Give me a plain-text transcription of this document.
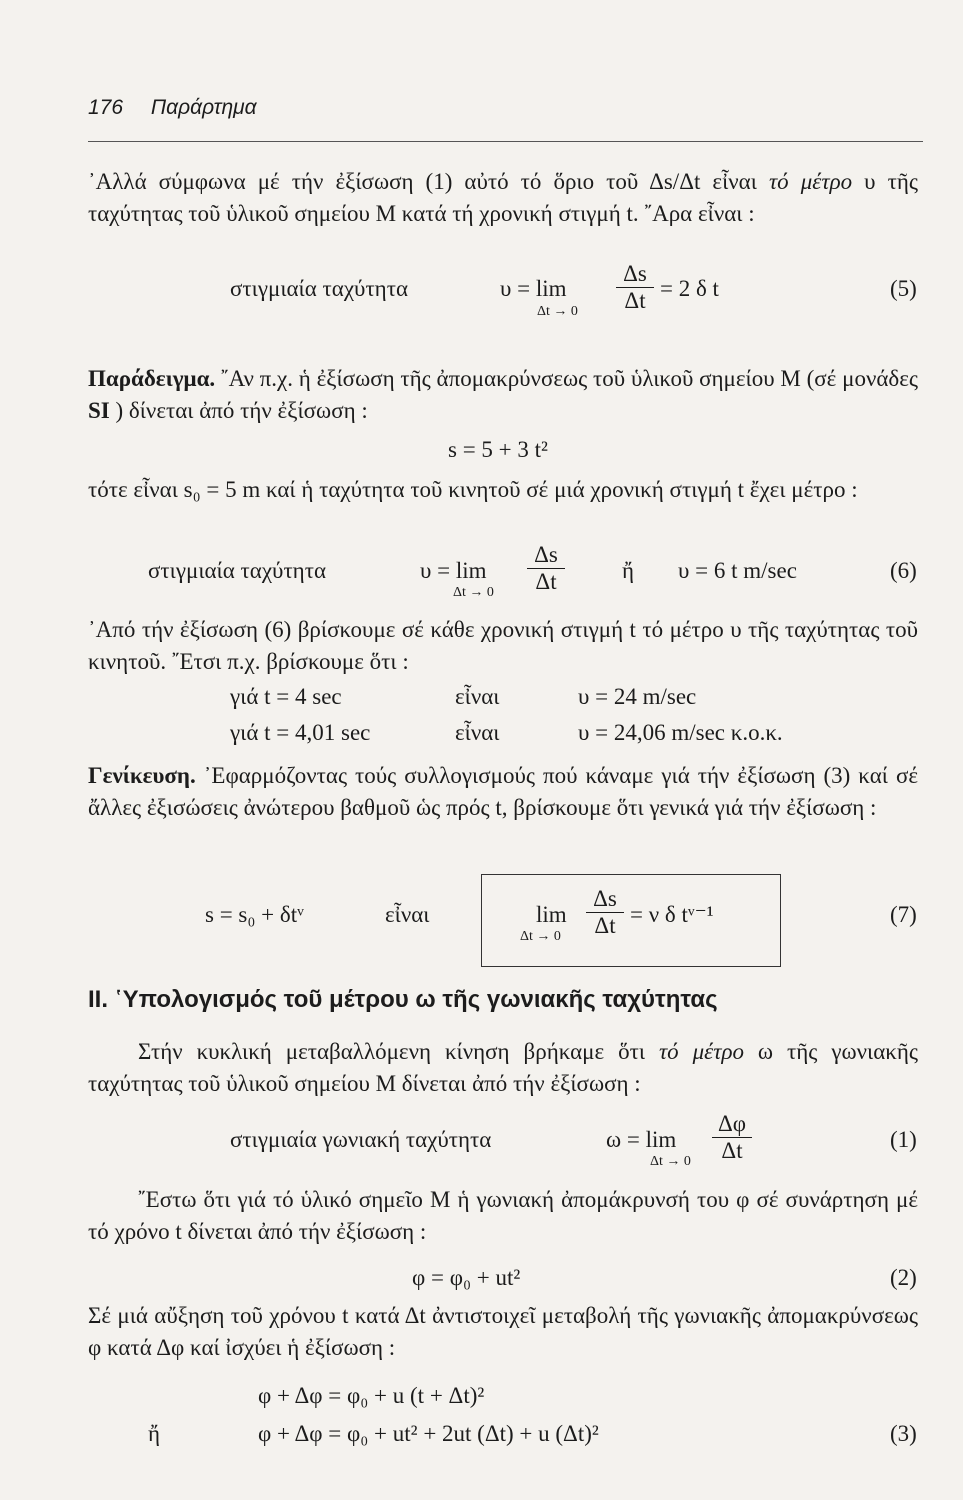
176 Παράρτημα
᾿Αλλά σύμφωνα μέ τήν ἐξίσωση (1) αὐτό τό ὅριο τοῦ Δs/Δt εἶναι τό μέτρο υ τῆς ταχύτητας τοῦ ὑλικοῦ σημείου Μ κατά τή χρονική στιγμή t. ῎Αρα εἶναι :
στιγμιαία ταχύτητα	υ = lim
Δt → 0
Δs
Δt = 2 δ t	(5)
Παράδειγμα. ῎Αν π.χ. ἡ ἐξίσωση τῆς ἀπομακρύνσεως τοῦ ὑλικοῦ σημείου Μ (σέ μονάδες SI ) δίνεται ἀπό τήν ἐξίσωση :
s = 5 + 3 t²
τότε εἶναι s₀ = 5 m καί ἡ ταχύτητα τοῦ κινητοῦ σέ μιά χρονική στιγμή t ἔχει μέτρο :
στιγμιαία ταχύτητα	υ = lim
Δt → 0
Δs
Δt	ἤ υ = 6 t m/sec	(6)
᾿Από τήν ἐξίσωση (6) βρίσκουμε σέ κάθε χρονική στιγμή t τό μέτρο υ τῆς ταχύτητας τοῦ κινητοῦ. ῎Ετσι π.χ. βρίσκουμε ὅτι :
γιά t = 4 sec	εἶναι	υ = 24 m/sec
γιά t = 4,01 sec	εἶναι	υ = 24,06 m/sec κ.ο.κ.
Γενίκευση. ᾿Εφαρμόζοντας τούς συλλογισμούς πού κάναμε γιά τήν ἐξίσωση (3) καί σέ ἄλλες ἐξισώσεις ἀνώτερου βαθμοῦ ὡς πρός t, βρίσκουμε ὅτι γενικά γιά τήν ἐξίσωση :
s = s₀ + δtᵛ	εἶναι	lim
Δt → 0
Δs
Δt = ν δ tᵛ⁻¹	(7)
ΙΙ. ῾Υπολογισμός τοῦ μέτρου ω τῆς γωνιακῆς ταχύτητας
Στήν κυκλική μεταβαλλόμενη κίνηση βρήκαμε ὅτι τό μέτρο ω τῆς γωνιακῆς ταχύτητας τοῦ ὑλικοῦ σημείου Μ δίνεται ἀπό τήν ἐξίσωση :
στιγμιαία γωνιακή ταχύτητα	ω = lim
Δt → 0
Δφ
Δt	(1)
῎Εστω ὅτι γιά τό ὑλικό σημεῖο Μ ἡ γωνιακή ἀπομάκρυνσή του φ σέ συνάρτηση μέ τό χρόνο t δίνεται ἀπό τήν ἐξίσωση :
φ = φ₀ + ut²	(2)
Σέ μιά αὔξηση τοῦ χρόνου t κατά Δt ἀντιστοιχεῖ μεταβολή τῆς γωνιακῆς ἀπομακρύνσεως φ κατά Δφ καί ἰσχύει ἡ ἐξίσωση :
φ + Δφ = φ₀ + u (t + Δt)²
ἤ	φ + Δφ = φ₀ + ut² + 2ut (Δt) + u (Δt)²	(3)
